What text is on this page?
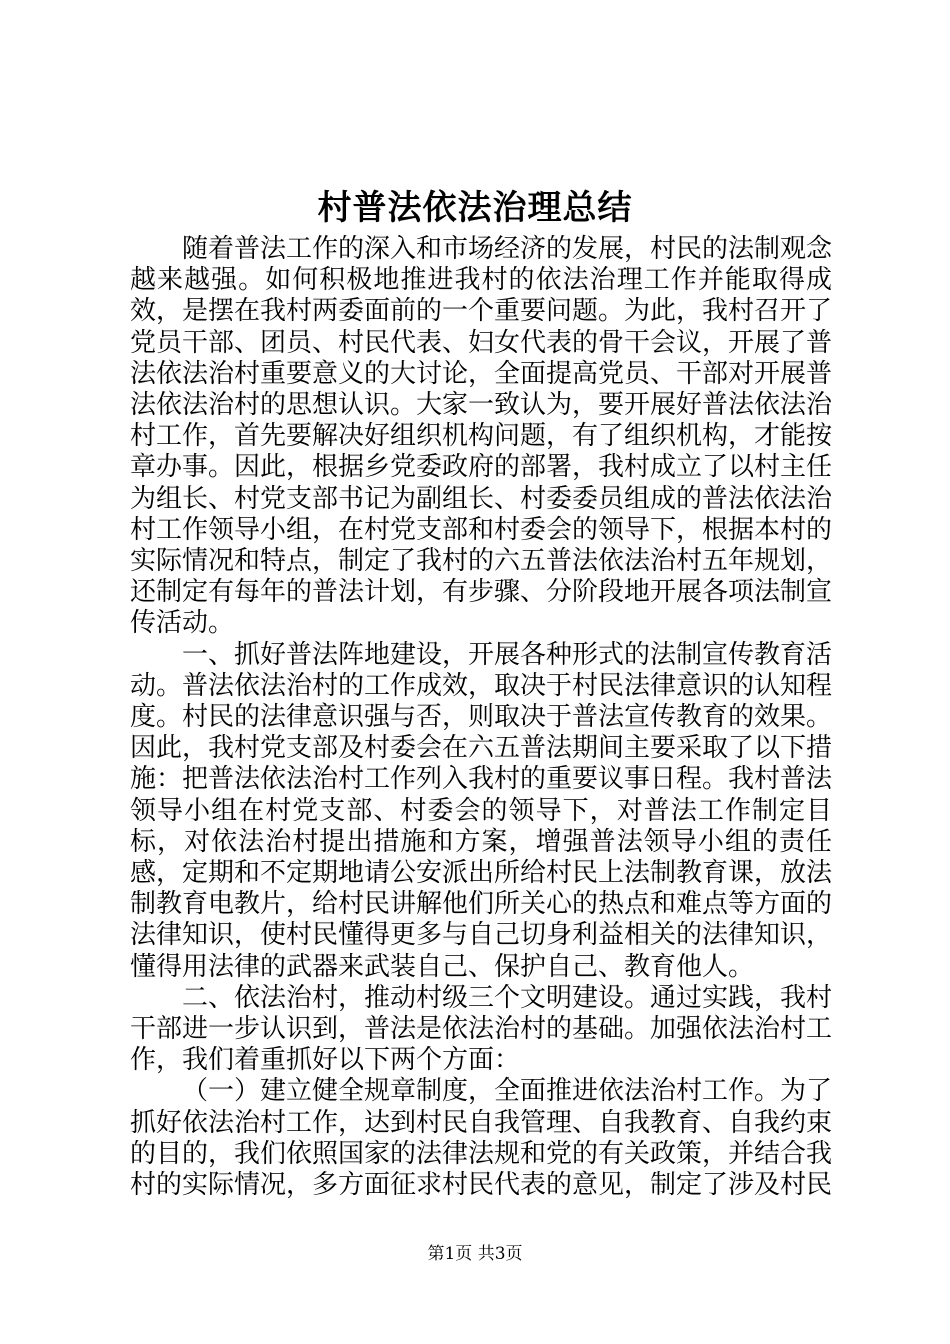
村普法依法治理总结

随着普法工作的深入和市场经济的发展，村民的法制观念越来越强。如何积极地推进我村的依法治理工作并能取得成效，是摆在我村两委面前的一个重要问题。为此，我村召开了党员干部、团员、村民代表、妇女代表的骨干会议，开展了普法依法治村重要意义的大讨论，全面提高党员、干部对开展普法依法治村的思想认识。大家一致认为，要开展好普法依法治村工作，首先要解决好组织机构问题，有了组织机构，才能按章办事。因此，根据乡党委政府的部署，我村成立了以村主任为组长、村党支部书记为副组长、村委委员组成的普法依法治村工作领导小组，在村党支部和村委会的领导下，根据本村的实际情况和特点，制定了我村的六五普法依法治村五年规划，还制定有每年的普法计划，有步骤、分阶段地开展各项法制宣传活动。

一、抓好普法阵地建设，开展各种形式的法制宣传教育活动。普法依法治村的工作成效，取决于村民法律意识的认知程度。村民的法律意识强与否，则取决于普法宣传教育的效果。因此，我村党支部及村委会在六五普法期间主要采取了以下措施：把普法依法治村工作列入我村的重要议事日程。我村普法领导小组在村党支部、村委会的领导下，对普法工作制定目标，对依法治村提出措施和方案，增强普法领导小组的责任感，定期和不定期地请公安派出所给村民上法制教育课，放法制教育电教片，给村民讲解他们所关心的热点和难点等方面的法律知识，使村民懂得更多与自己切身利益相关的法律知识，懂得用法律的武器来武装自己、保护自己、教育他人。

二、依法治村，推动村级三个文明建设。通过实践，我村干部进一步认识到，普法是依法治村的基础。加强依法治村工作，我们着重抓好以下两个方面：

（一）建立健全规章制度，全面推进依法治村工作。为了抓好依法治村工作，达到村民自我管理、自我教育、自我约束的目的，我们依照国家的法律法规和党的有关政策，并结合我村的实际情况，多方面征求村民代表的意见，制定了涉及村民

第1页 共3页
